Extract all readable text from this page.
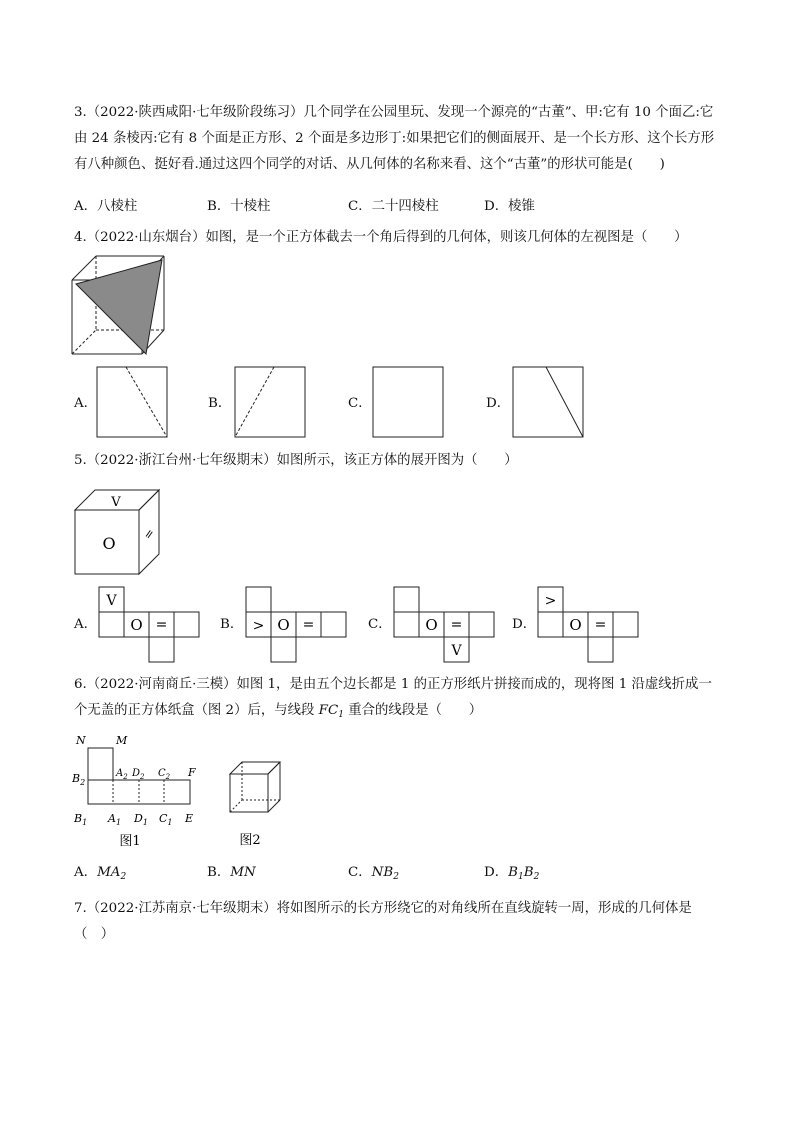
3.（2022·陕西咸阳·七年级阶段练习）几个同学在公园里玩、发现一个源亮的“古董”、甲:它有 10 个面乙:它
由 24 条棱丙:它有 8 个面是正方形、2 个面是多边形丁:如果把它们的侧面展开、是一个长方形、这个长方形
有八种颜色、挺好看.通过这四个同学的对话、从几何体的名称来看、这个“古董”的形状可能是(　　)
A．八棱柱	B．十棱柱	C．二十四棱柱	D．棱锥
4.（2022·山东烟台）如图，是一个正方体截去一个角后得到的几何体，则该几何体的左视图是（　　）
A．	B．	C．	D．
5.（2022·浙江台州·七年级期末）如图所示，该正方体的展开图为（　　）
V
O =
A．
V
O =	B． > O =	C． O =
V
D．
>
O =
6.（2022·河南商丘·三模）如图 1，是由五个边长都是 1 的正方形纸片拼接而成的，现将图 1 沿虚线折成一
个无盖的正方体纸盒（图 2）后，与线段 $FC_1$ 重合的线段是（　　）
N	M
$B_2$
$A_2$ $D_2$ $C_2$ F
$B_1$ $A_1$ $D_1$ $C_1$ E
图1	图2
A．$MA_2$	B．MN	C．$NB_2$	D．$B_1B_2$
7.（2022·江苏南京·七年级期末）将如图所示的长方形绕它的对角线所在直线旋转一周，形成的几何体是
（　）
